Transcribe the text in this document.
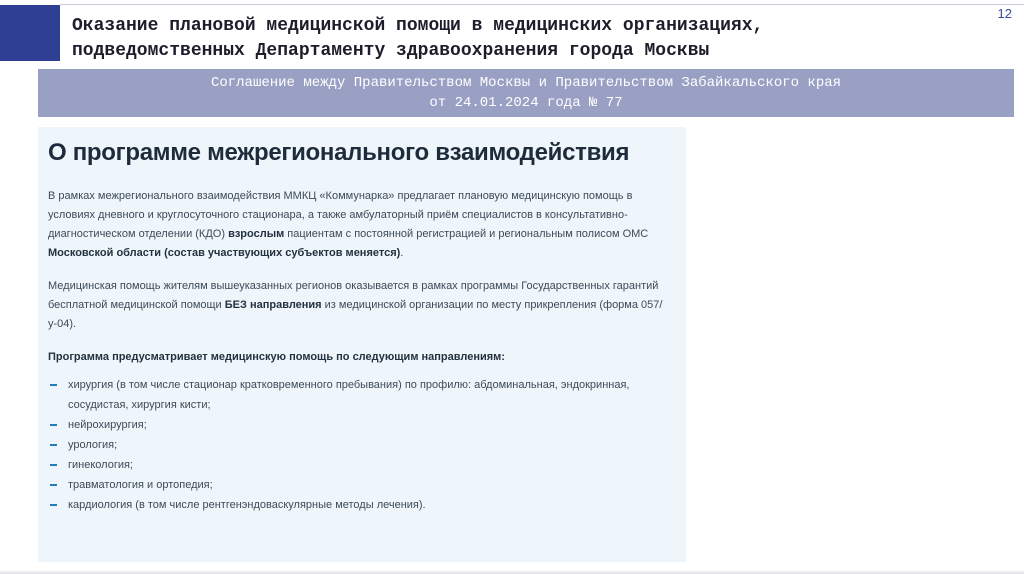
Оказание плановой медицинской помощи в медицинских организациях,
подведомственных Департаменту здравоохранения города Москвы
12
Соглашение между Правительством Москвы и Правительством Забайкальского края
от 24.01.2024 года № 77
О программе межрегионального взаимодействия

В рамках межрегионального взаимодействия ММКЦ «Коммунарка» предлагает плановую медицинскую помощь в условиях дневного и круглосуточного стационара, а также амбулаторный приём специалистов в консультативно-диагностическом отделении (КДО) взрослым пациентам с постоянной регистрацией и региональным полисом ОМС Московской области (состав участвующих субъектов меняется).

Медицинская помощь жителям вышеуказанных регионов оказывается в рамках программы Государственных гарантий бесплатной медицинской помощи БЕЗ направления из медицинской организации по месту прикрепления (форма 057/у-04).

Программа предусматривает медицинскую помощь по следующим направлениям:

хирургия (в том числе стационар кратковременного пребывания) по профилю: абдоминальная, эндокринная, сосудистая, хирургия кисти;
нейрохирургия;
урология;
гинекология;
травматология и ортопедия;
кардиология (в том числе рентгенэндоваскулярные методы лечения).
